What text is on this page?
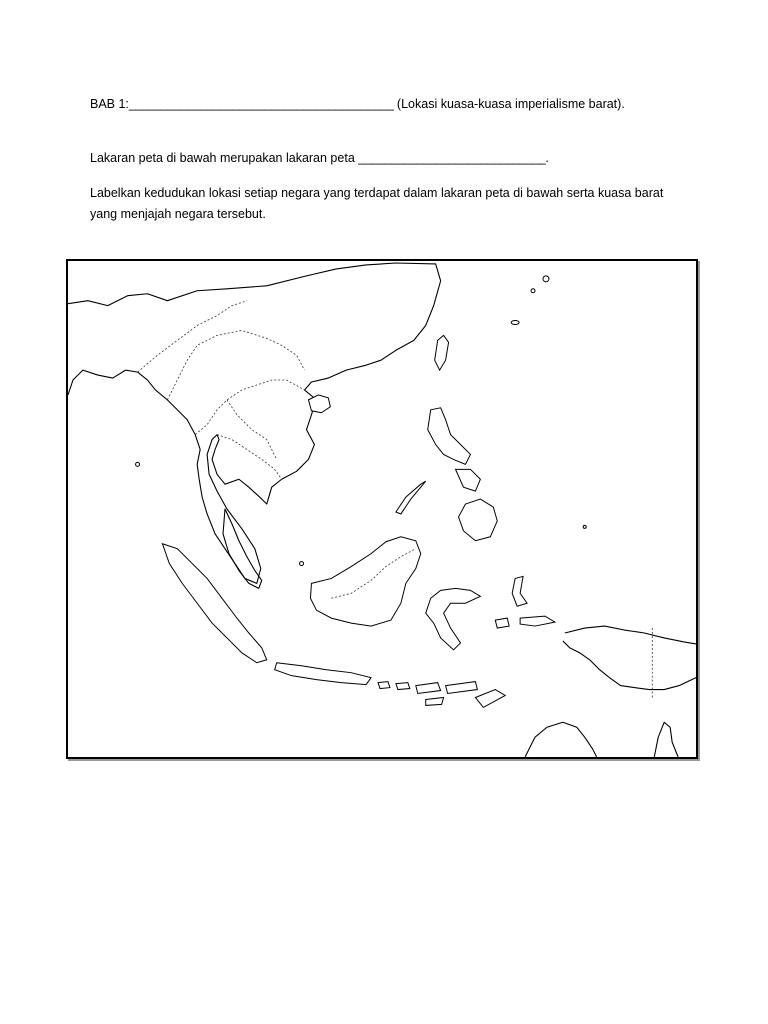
BAB 1:_________________________________________ (Lokasi kuasa-kuasa imperialisme barat).
Lakaran peta di bawah merupakan lakaran peta _____________________________.
Labelkan kedudukan lokasi setiap negara yang terdapat dalam lakaran peta di bawah serta kuasa barat yang menjajah negara tersebut.
